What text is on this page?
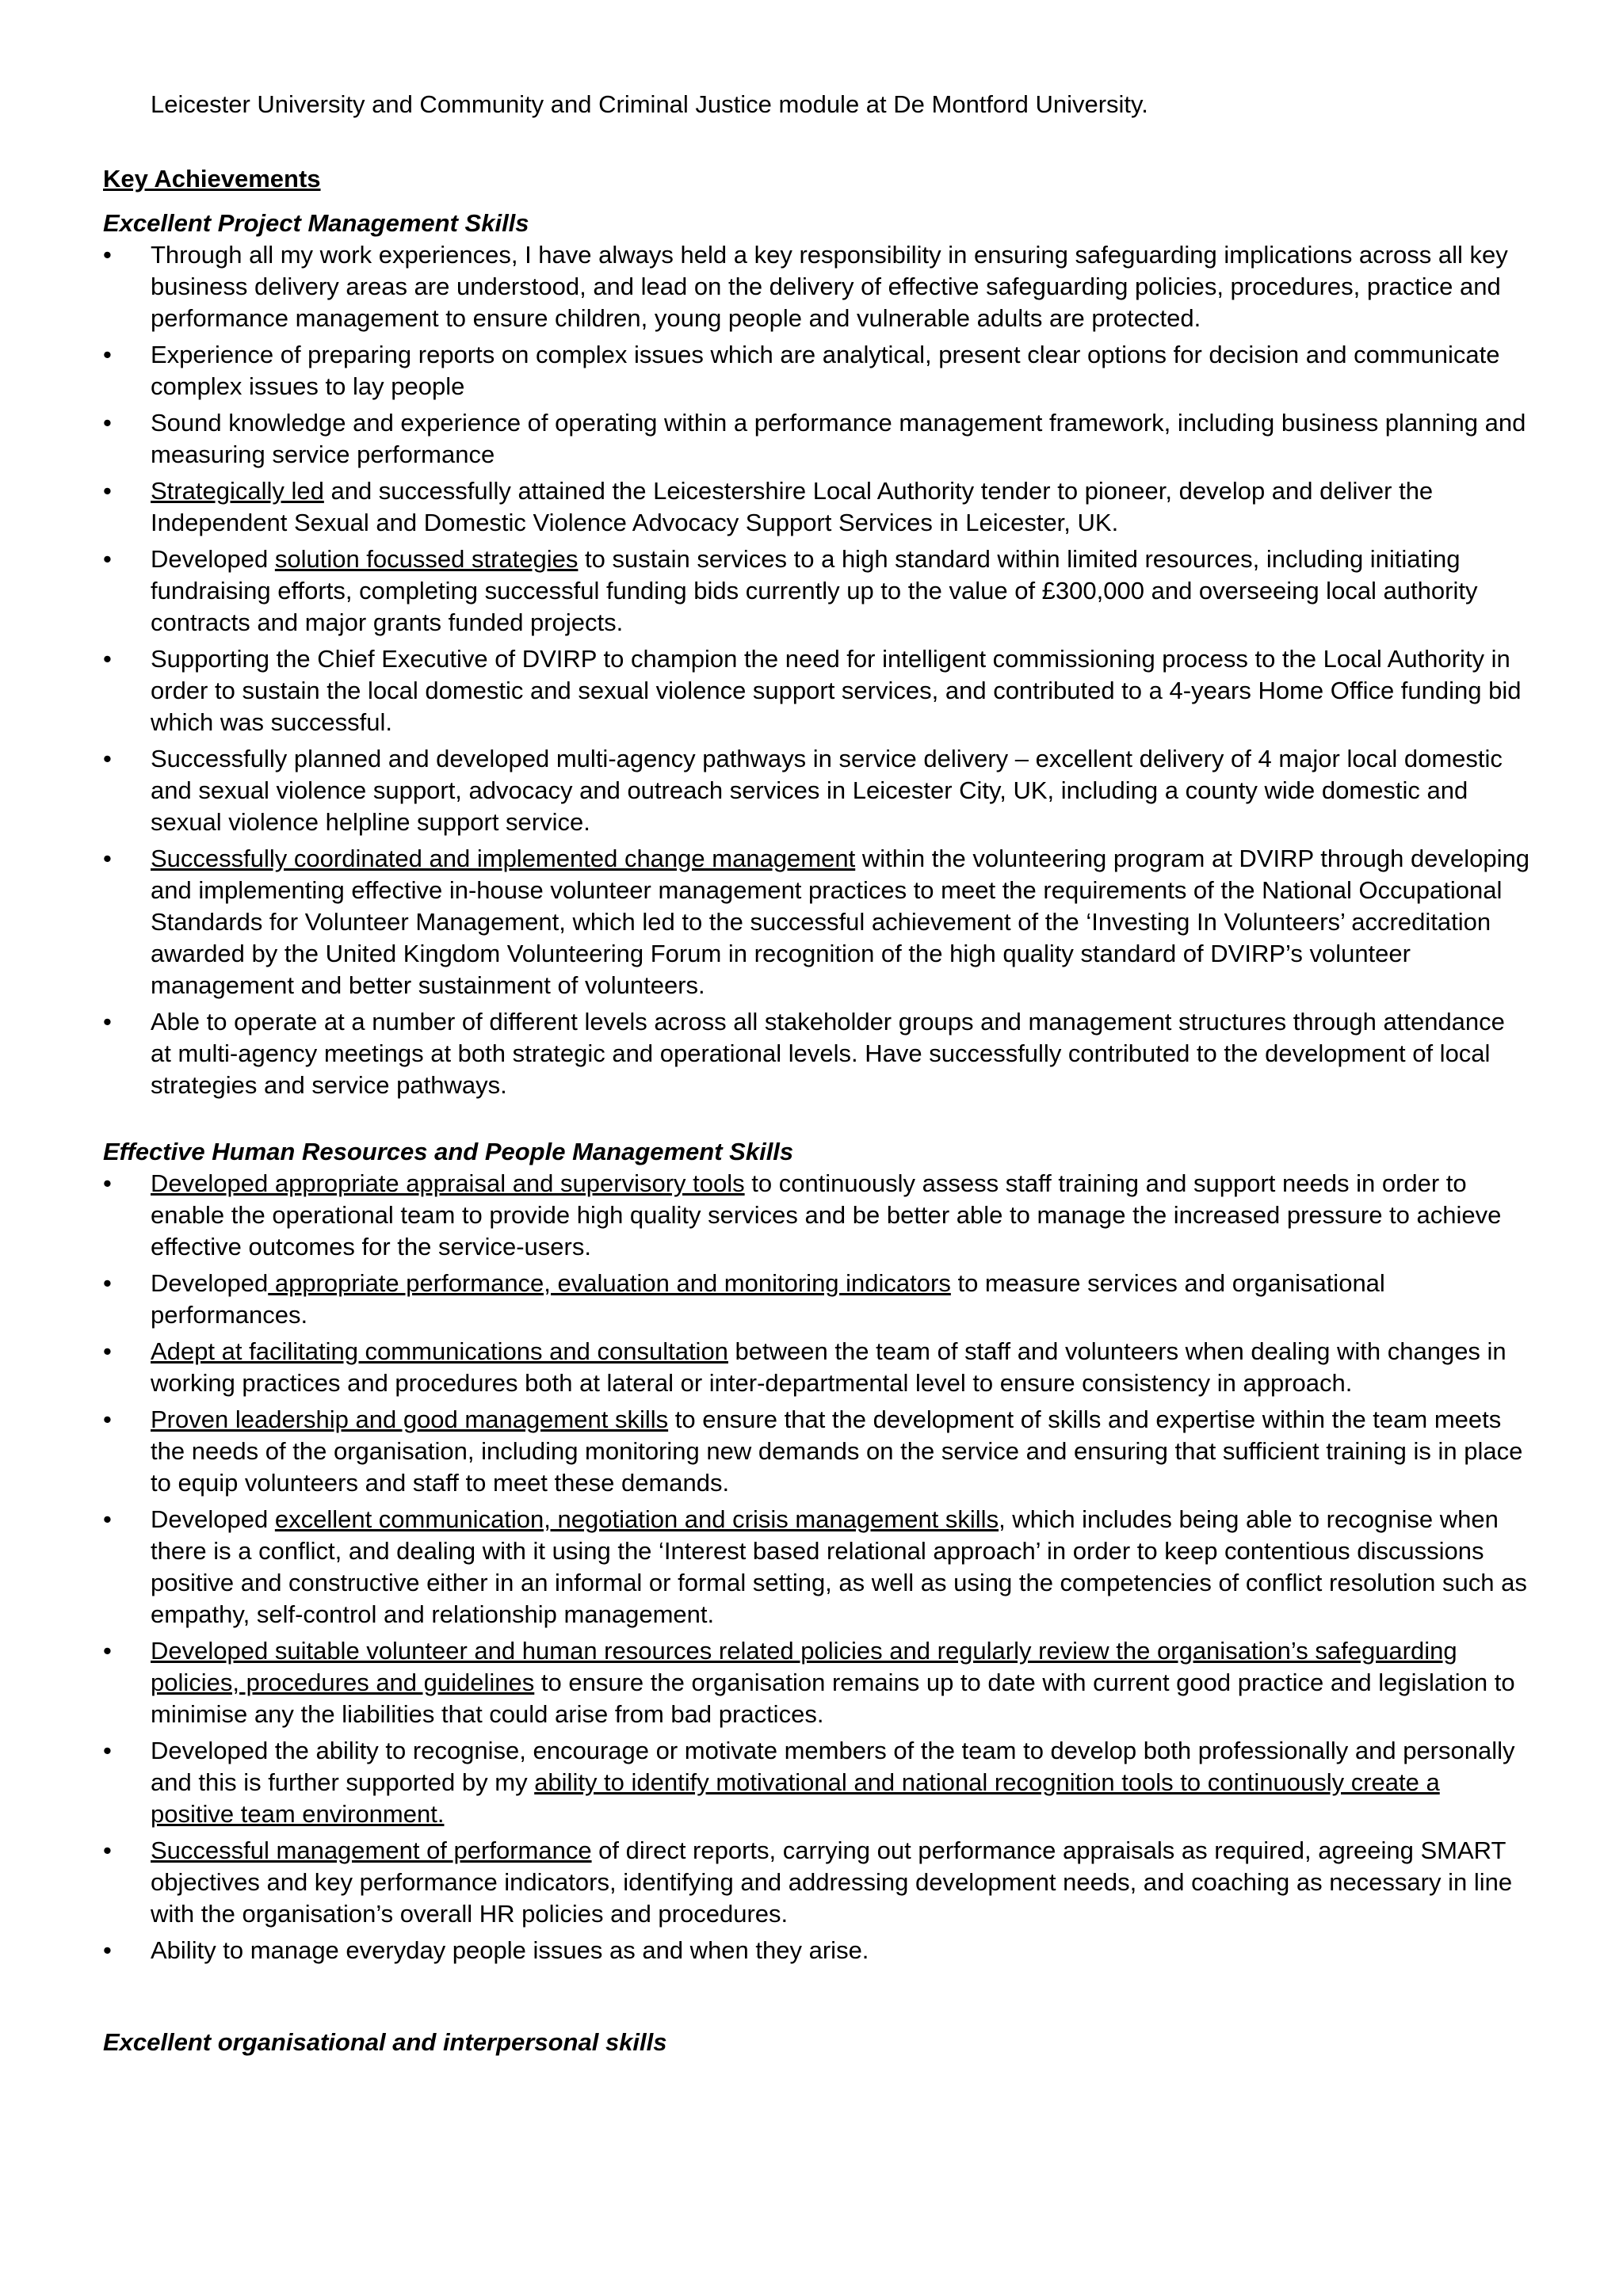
Leicester University and Community and Criminal Justice module at De Montford University.

Key Achievements
Excellent Project Management Skills
• Through all my work experiences, I have always held a key responsibility in ensuring safeguarding implications across all key business delivery areas are understood, and lead on the delivery of effective safeguarding policies, procedures, practice and performance management to ensure children, young people and vulnerable adults are protected.
• Experience of preparing reports on complex issues which are analytical, present clear options for decision and communicate complex issues to lay people
• Sound knowledge and experience of operating within a performance management framework, including business planning and measuring service performance
• Strategically led and successfully attained the Leicestershire Local Authority tender to pioneer, develop and deliver the Independent Sexual and Domestic Violence Advocacy Support Services in Leicester, UK.
• Developed solution focussed strategies to sustain services to a high standard within limited resources, including initiating fundraising efforts, completing successful funding bids currently up to the value of £300,000 and overseeing local authority contracts and major grants funded projects.
• Supporting the Chief Executive of DVIRP to champion the need for intelligent commissioning process to the Local Authority in order to sustain the local domestic and sexual violence support services, and contributed to a 4-years Home Office funding bid which was successful.
• Successfully planned and developed multi-agency pathways in service delivery – excellent delivery of 4 major local domestic and sexual violence support, advocacy and outreach services in Leicester City, UK, including a county wide domestic and sexual violence helpline support service.
• Successfully coordinated and implemented change management within the volunteering program at DVIRP through developing and implementing effective in-house volunteer management practices to meet the requirements of the National Occupational Standards for Volunteer Management, which led to the successful achievement of the ‘Investing In Volunteers’ accreditation awarded by the United Kingdom Volunteering Forum in recognition of the high quality standard of DVIRP’s volunteer management and better sustainment of volunteers.
• Able to operate at a number of different levels across all stakeholder groups and management structures through attendance at multi-agency meetings at both strategic and operational levels. Have successfully contributed to the development of local strategies and service pathways.
Effective Human Resources and People Management Skills
• Developed appropriate appraisal and supervisory tools to continuously assess staff training and support needs in order to enable the operational team to provide high quality services and be better able to manage the increased pressure to achieve effective outcomes for the service-users.
• Developed appropriate performance, evaluation and monitoring indicators to measure services and organisational performances.
• Adept at facilitating communications and consultation between the team of staff and volunteers when dealing with changes in working practices and procedures both at lateral or inter-departmental level to ensure consistency in approach.
• Proven leadership and good management skills to ensure that the development of skills and expertise within the team meets the needs of the organisation, including monitoring new demands on the service and ensuring that sufficient training is in place to equip volunteers and staff to meet these demands.
• Developed excellent communication, negotiation and crisis management skills, which includes being able to recognise when there is a conflict, and dealing with it using the ‘Interest based relational approach’ in order to keep contentious discussions positive and constructive either in an informal or formal setting, as well as using the competencies of conflict resolution such as empathy, self-control and relationship management.
• Developed suitable volunteer and human resources related policies and regularly review the organisation’s safeguarding policies, procedures and guidelines to ensure the organisation remains up to date with current good practice and legislation to minimise any the liabilities that could arise from bad practices.
• Developed the ability to recognise, encourage or motivate members of the team to develop both professionally and personally and this is further supported by my ability to identify motivational and national recognition tools to continuously create a positive team environment.
• Successful management of performance of direct reports, carrying out performance appraisals as required, agreeing SMART objectives and key performance indicators, identifying and addressing development needs, and coaching as necessary in line with the organisation’s overall HR policies and procedures.
• Ability to manage everyday people issues as and when they arise.
Excellent organisational and interpersonal skills
